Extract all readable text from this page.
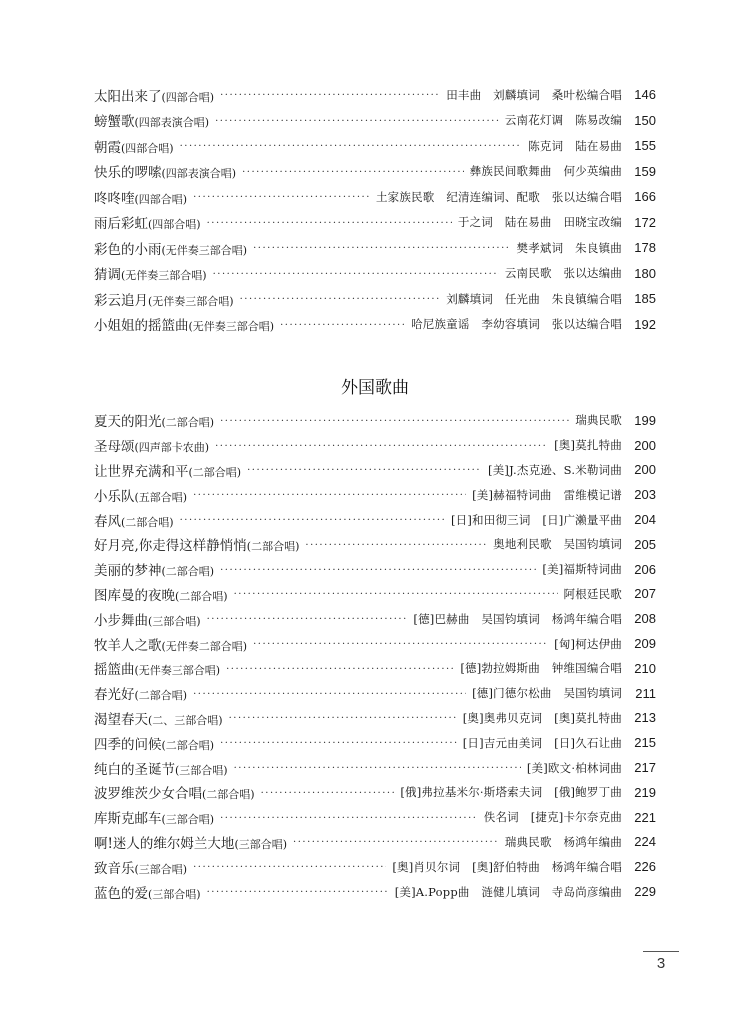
太阳出来了(四部合唱) ·····	田丰曲 刘麟填词 桑叶松编合唱 146
螃蟹歌(四部表演合唱) ·····	云南花灯调 陈易改编 150
朝霞(四部合唱) ·····	陈克词 陆在易曲 155
快乐的啰嗦(四部表演合唱) ·····	彝族民间歌舞曲 何少英编曲 159
咚咚喹(四部合唱) ·····	土家族民歌 纪清连编词、配歌 张以达编合唱 166
雨后彩虹(四部合唱) ·····	于之词 陆在易曲 田晓宝改编 172
彩色的小雨(无伴奏三部合唱) ·····	樊孝斌词 朱良镇曲 178
猜调(无伴奏三部合唱) ·····	云南民歌 张以达编曲 180
彩云追月(无伴奏三部合唱) ·····	刘麟填词 任光曲 朱良镇编合唱 185
小姐姐的摇篮曲(无伴奏三部合唱) ·····	哈尼族童谣 李幼容填词 张以达编合唱 192
外国歌曲
夏天的阳光(二部合唱) ·····	瑞典民歌 199
圣母颂(四声部卡农曲) ·····	[奥]莫扎特曲 200
让世界充满和平(二部合唱) ·····	[美]J.杰克逊、S.米勒词曲 200
小乐队(五部合唱) ·····	[美]赫福特词曲 雷维模记谱 203
春风(二部合唱) ·····	[日]和田彻三词 [日]广濑量平曲 204
好月亮,你走得这样静悄悄(二部合唱) ·····	奥地利民歌 吴国钧填词 205
美丽的梦神(二部合唱) ·····	[美]福斯特词曲 206
图库曼的夜晚(二部合唱) ·····	阿根廷民歌 207
小步舞曲(三部合唱) ·····	[德]巴赫曲 吴国钧填词 杨鸿年编合唱 208
牧羊人之歌(无伴奏二部合唱) ·····	[匈]柯达伊曲 209
摇篮曲(无伴奏三部合唱) ·····	[德]勃拉姆斯曲 钟维国编合唱 210
春光好(二部合唱) ·····	[德]门德尔松曲 吴国钧填词	211
渴望春天(二、三部合唱) ·····	[奥]奥弗贝克词 [奥]莫扎特曲 213
四季的问候(二部合唱) ·····	[日]吉元由美词 [日]久石让曲 215
纯白的圣诞节(三部合唱) ·····	[美]欧文·柏林词曲 217
波罗维茨少女合唱(二部合唱) ·····	[俄]弗拉基米尔·斯塔索夫词 [俄]鲍罗丁曲 219
库斯克邮车(三部合唱) ·····	佚名词 [捷克]卡尔奈克曲 221
啊!迷人的维尔姆兰大地(三部合唱) ·····	瑞典民歌 杨鸿年编曲 224
致音乐(三部合唱) ·····	[奥]肖贝尔词 [奥]舒伯特曲 杨鸿年编合唱 226
蓝色的爱(三部合唱) ·····	[美]A.Popp曲 涟健儿填词 寺岛尚彦编曲 229
3
